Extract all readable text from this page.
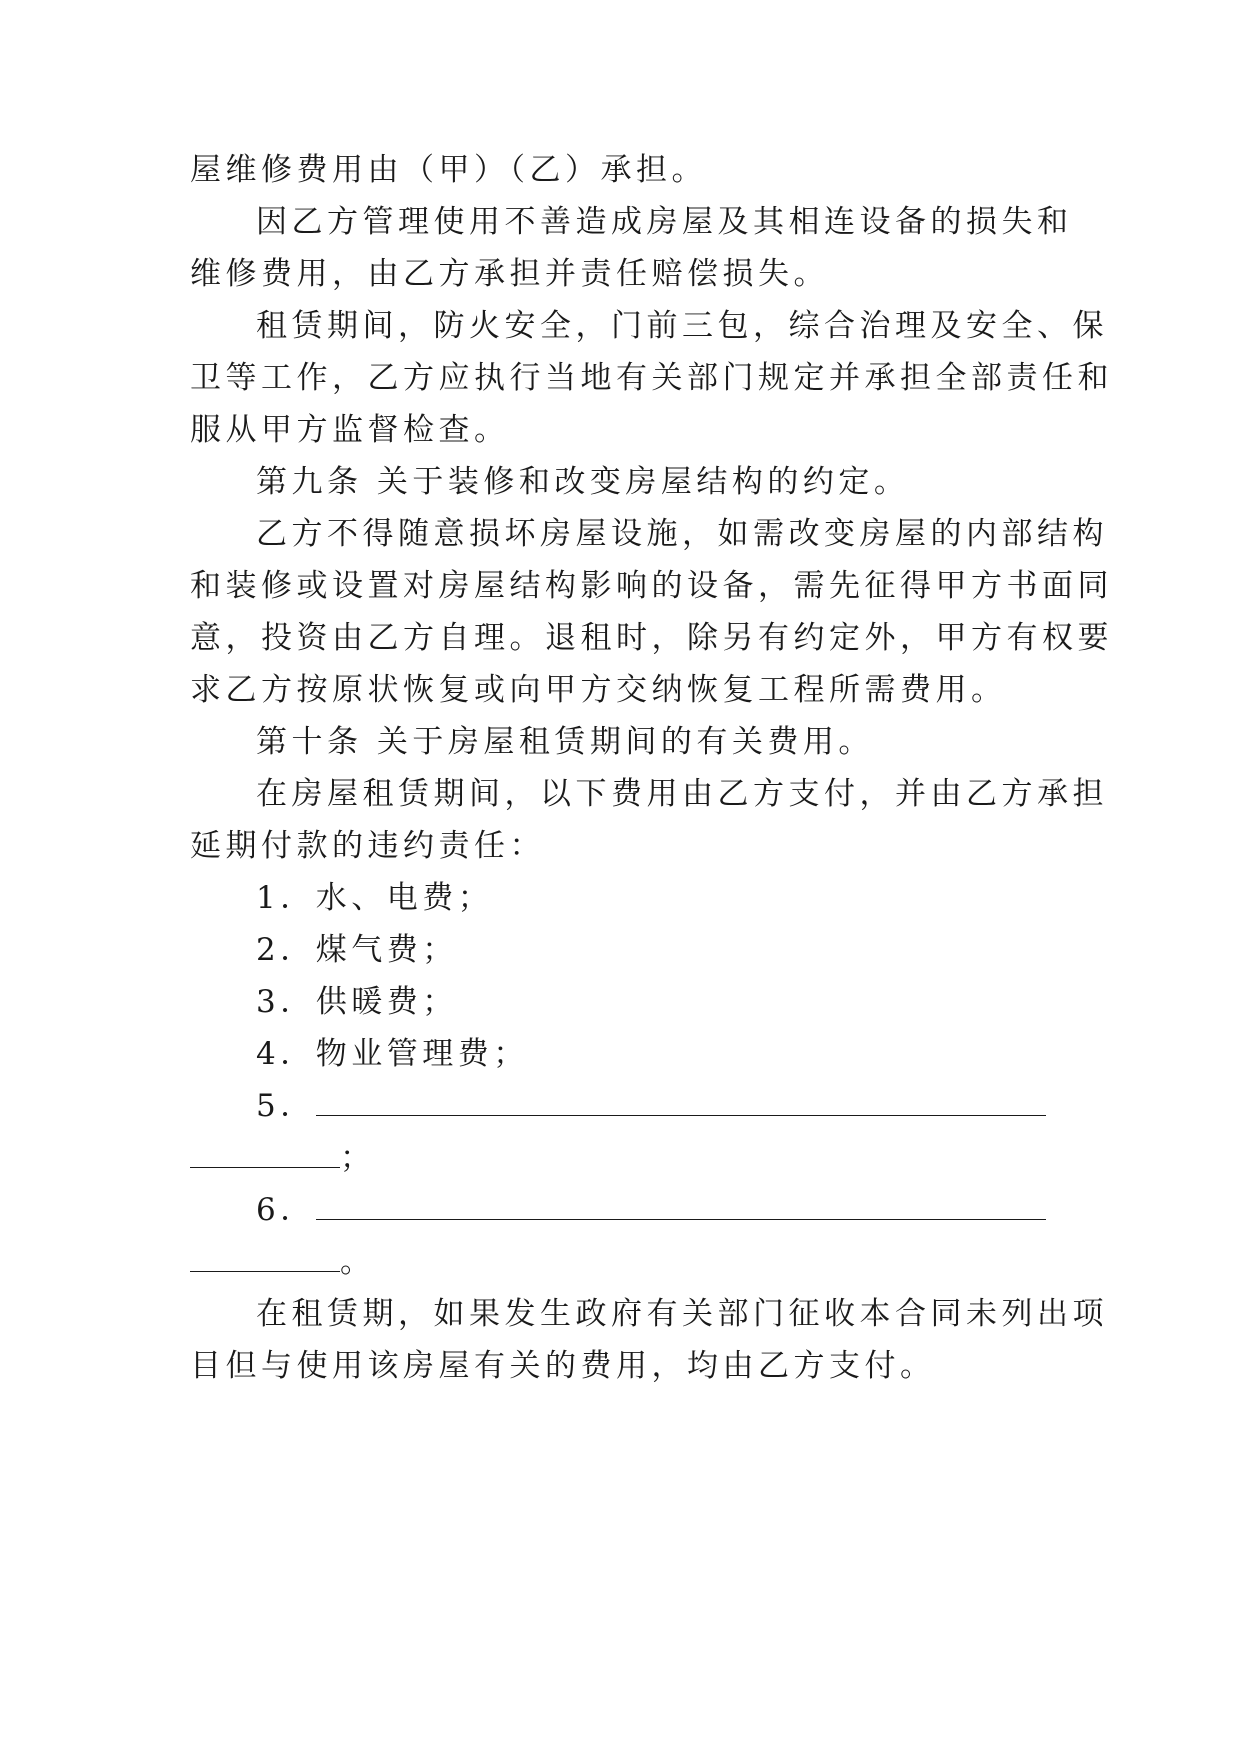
屋维修费用由（甲）（乙）承担。
因乙方管理使用不善造成房屋及其相连设备的损失和
维修费用，由乙方承担并责任赔偿损失。
租赁期间，防火安全，门前三包，综合治理及安全、保
卫等工作，乙方应执行当地有关部门规定并承担全部责任和
服从甲方监督检查。
第九条 关于装修和改变房屋结构的约定。
乙方不得随意损坏房屋设施，如需改变房屋的内部结构
和装修或设置对房屋结构影响的设备，需先征得甲方书面同
意，投资由乙方自理。退租时，除另有约定外，甲方有权要
求乙方按原状恢复或向甲方交纳恢复工程所需费用。
第十条 关于房屋租赁期间的有关费用。
在房屋租赁期间，以下费用由乙方支付，并由乙方承担
延期付款的违约责任：
1．水、电费；
2．煤气费；
3．供暖费；
4．物业管理费；
5．
；
6．
。
在租赁期，如果发生政府有关部门征收本合同未列出项
目但与使用该房屋有关的费用，均由乙方支付。
